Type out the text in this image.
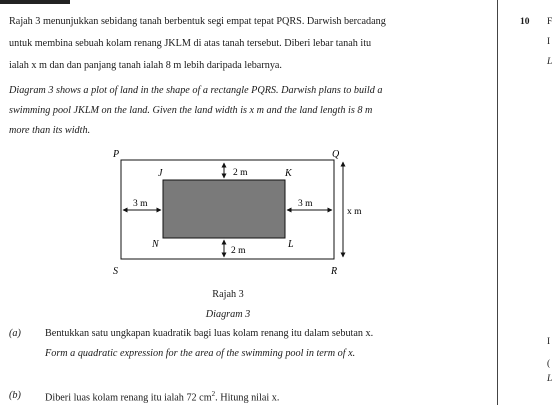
Rajah 3 menunjukkan sebidang tanah berbentuk segi empat tepat PQRS. Darwish bercadang
untuk membina sebuah kolam renang JKLM di atas tanah tersebut. Diberi lebar tanah itu
ialah x m dan dan panjang tanah ialah 8 m lebih daripada lebarnya.
Diagram 3 shows a plot of land in the shape of a rectangle PQRS. Darwish plans to build a
swimming pool JKLM on the land. Given the land width is x m and the land length is 8 m
more than its width.
P	Q
R
S
J	K
L
N
2 m
2 m
3 m	3 m
x m
Rajah 3
Diagram 3
(a) Bentukkan satu ungkapan kuadratik bagi luas kolam renang itu dalam sebutan x.
Form a quadratic expression for the area of the swimming pool in term of x.
(b) Diberi luas kolam renang itu ialah 72 $cm^2$. Hitung nilai x.
10 F
I
L
I
(
L
